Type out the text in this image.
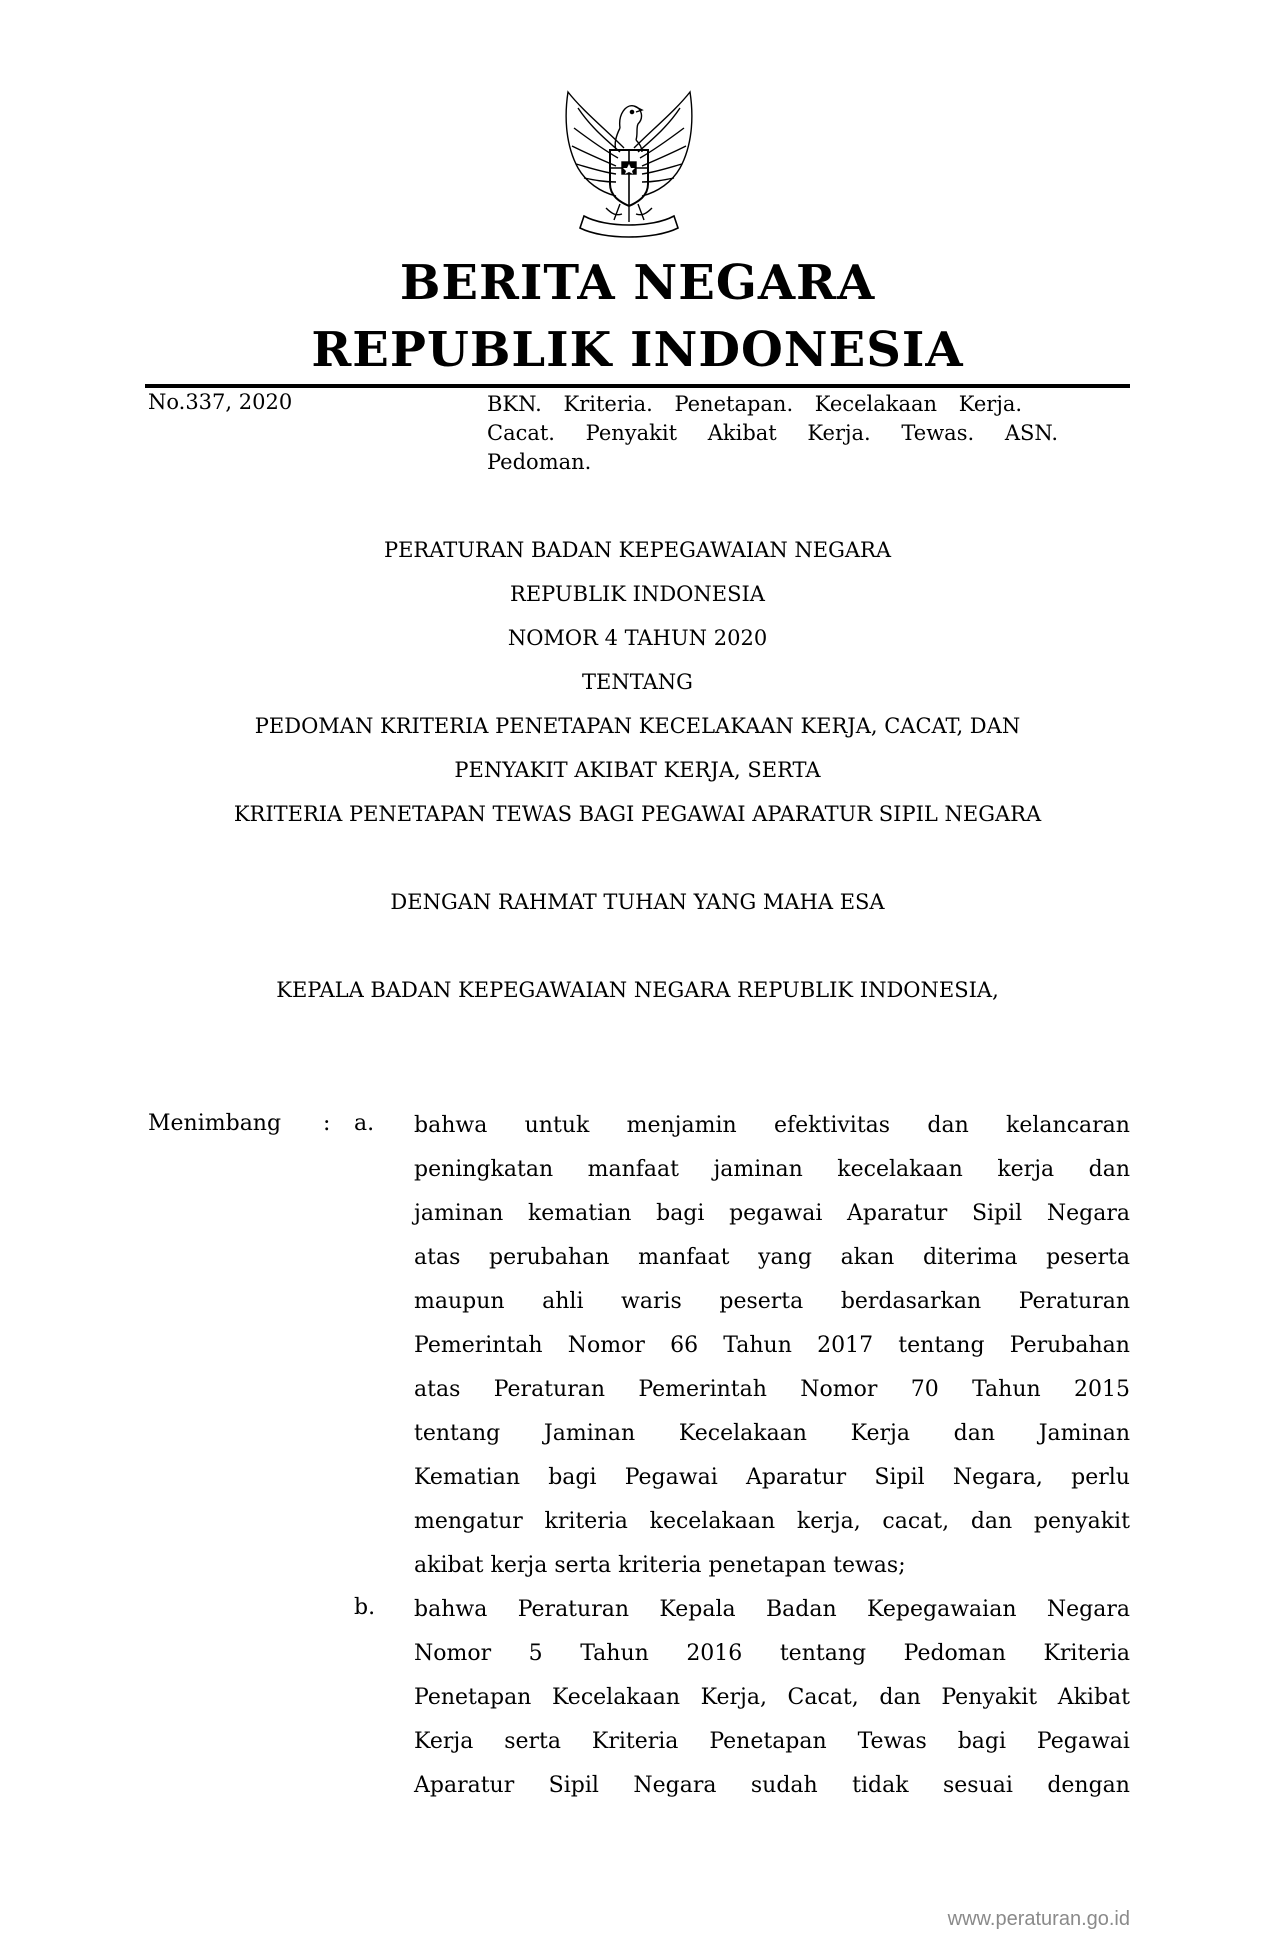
BERITA NEGARA
REPUBLIK INDONESIA
No.337, 2020	BKN. Kriteria. Penetapan. Kecelakaan Kerja.
Cacat. Penyakit Akibat Kerja. Tewas. ASN.
Pedoman.
PERATURAN BADAN KEPEGAWAIAN NEGARA
REPUBLIK INDONESIA
NOMOR 4 TAHUN 2020
TENTANG
PEDOMAN KRITERIA PENETAPAN KECELAKAAN KERJA, CACAT, DAN
PENYAKIT AKIBAT KERJA, SERTA
KRITERIA PENETAPAN TEWAS BAGI PEGAWAI APARATUR SIPIL NEGARA
DENGAN RAHMAT TUHAN YANG MAHA ESA
KEPALA BADAN KEPEGAWAIAN NEGARA REPUBLIK INDONESIA,
Menimbang : a. bahwa untuk menjamin efektivitas dan kelancaran
peningkatan manfaat jaminan kecelakaan kerja dan
jaminan kematian bagi pegawai Aparatur Sipil Negara
atas perubahan manfaat yang akan diterima peserta
maupun ahli waris peserta berdasarkan Peraturan
Pemerintah Nomor 66 Tahun 2017 tentang Perubahan
atas Peraturan Pemerintah Nomor 70 Tahun 2015
tentang Jaminan Kecelakaan Kerja dan Jaminan
Kematian bagi Pegawai Aparatur Sipil Negara, perlu
mengatur kriteria kecelakaan kerja, cacat, dan penyakit
akibat kerja serta kriteria penetapan tewas;
b. bahwa Peraturan Kepala Badan Kepegawaian Negara
Nomor 5 Tahun 2016 tentang Pedoman Kriteria
Penetapan Kecelakaan Kerja, Cacat, dan Penyakit Akibat
Kerja serta Kriteria Penetapan Tewas bagi Pegawai
Aparatur Sipil Negara sudah tidak sesuai dengan
www.peraturan.go.id
